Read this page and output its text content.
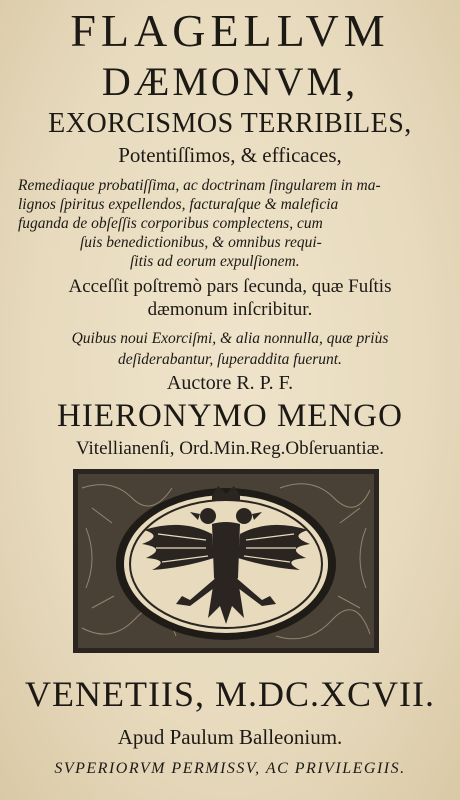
FLAGELLVM
DÆMONVM,
EXORCISMOS TERRIBILES,
Potentiſſimos, & efficaces,
Remediaque probatiſſima, ac doctrinam ſingularem in ma-
lignos ſpiritus expellendos, facturaſque & maleficia
fuganda de obſeſſis corporibus complectens, cum
ſuis benedictionibus, & omnibus requi-
ſitis ad eorum expulſionem.
Acceſſit poſtremò pars ſecunda, quæ Fuſtis
dæmonum inſcribitur.
Quibus noui Exorciſmi, & alia nonnulla, quæ priùs
deſiderabantur, ſuperaddita fuerunt.
Auctore R. P. F.
HIERONYMO MENGO
Vitellianenſi, Ord.Min.Reg.Obſeruantiæ.
VENETIIS, M.DC.XCVII.
Apud Paulum Balleonium.
SVPERIORVM PERMISSV, AC PRIVILEGIIS.
